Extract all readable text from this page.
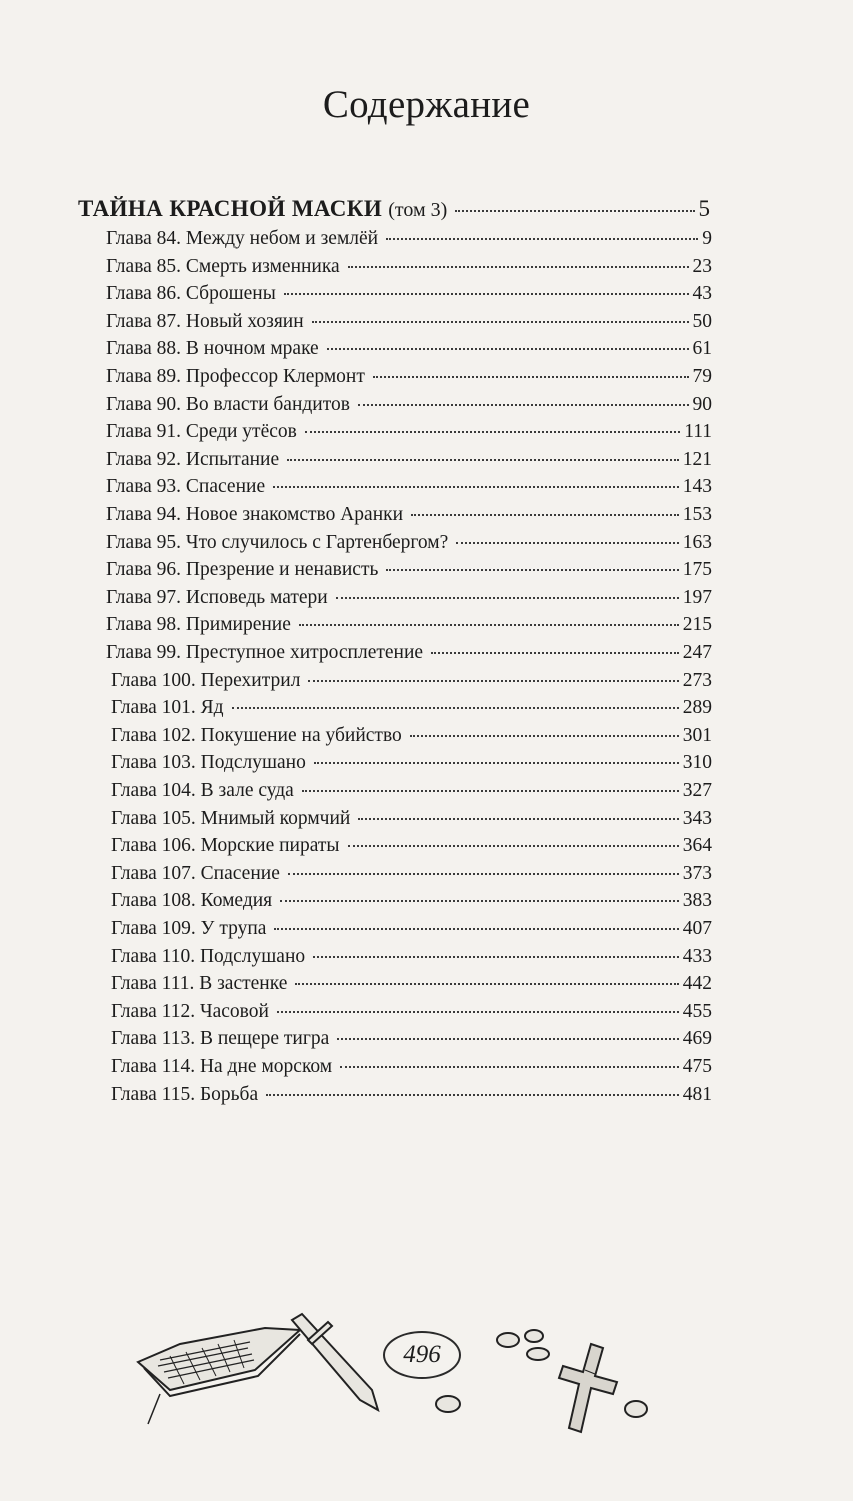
Содержание
ТАЙНА КРАСНОЙ МАСКИ (том 3)	5
Глава 84. Между небом и землёй	9
Глава 85. Смерть изменника	23
Глава 86. Сброшены	43
Глава 87. Новый хозяин	50
Глава 88. В ночном мраке	61
Глава 89. Профессор Клермонт	79
Глава 90. Во власти бандитов	90
Глава 91. Среди утёсов	111
Глава 92. Испытание	121
Глава 93. Спасение	143
Глава 94. Новое знакомство Аранки	153
Глава 95. Что случилось с Гартенбергом?	163
Глава 96. Презрение и ненависть	175
Глава 97. Исповедь матери	197
Глава 98. Примирение	215
Глава 99. Преступное хитросплетение	247
Глава 100. Перехитрил	273
Глава 101. Яд	289
Глава 102. Покушение на убийство	301
Глава 103. Подслушано	310
Глава 104. В зале суда	327
Глава 105. Мнимый кормчий	343
Глава 106. Морские пираты	364
Глава 107. Спасение	373
Глава 108. Комедия	383
Глава 109. У трупа	407
Глава 110. Подслушано	433
Глава 111. В застенке	442
Глава 112. Часовой	455
Глава 113. В пещере тигра	469
Глава 114. На дне морском	475
Глава 115. Борьба	481
496
